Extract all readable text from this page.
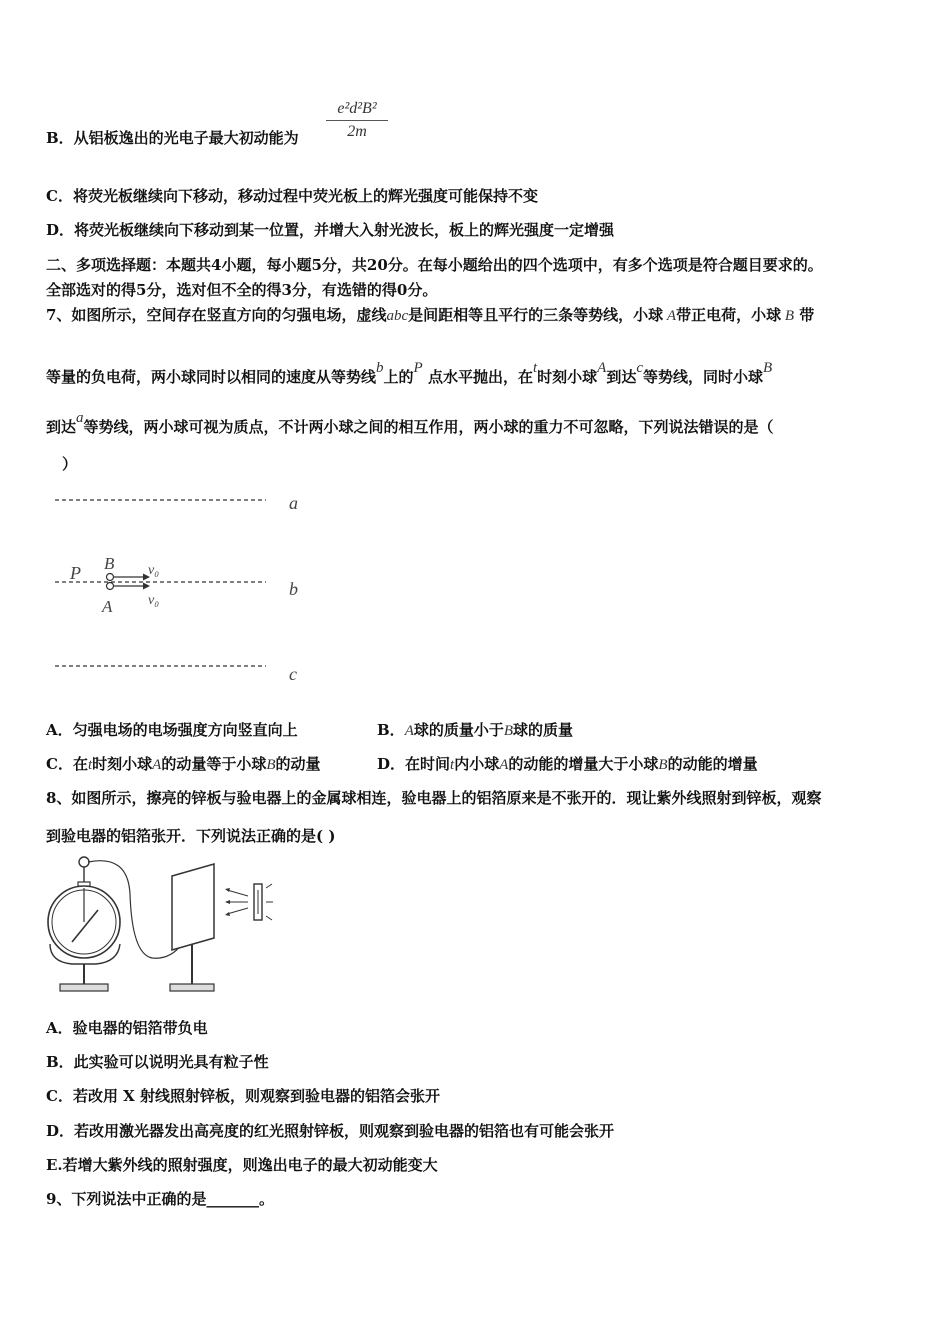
B．从铝板逸出的光电子最大初动能为 $\frac{\text{e²d²B²}}{2m}$
C．将荧光板继续向下移动，移动过程中荧光板上的辉光强度可能保持不变
D．将荧光板继续向下移动到某一位置，并增大入射光波长，板上的辉光强度一定增强
二、多项选择题：本题共4小题，每小题5分，共20分。在每小题给出的四个选项中，有多个选项是符合题目要求的。
全部选对的得5分，选对但不全的得3分，有选错的得0分。
7、如图所示，空间存在竖直方向的匀强电场，虚线abc是间距相等且平行的三条等势线，小球 A带正电荷，小球 B 带
等量的负电荷，两小球同时以相同的速度从等势线b上的P 点水平抛出，在t时刻小球A到达c等势线，同时小球B
到达a等势线，两小球可视为质点，不计两小球之间的相互作用，两小球的重力不可忽略，下列说法错误的是（
）
a
b
c
P B
A
v₀
v₀
A．匀强电场的电场强度方向竖直向上	B．A球的质量小于B球的质量
C．在t时刻小球A的动量等于小球B的动量	D．在时间t内小球A的动能的增量大于小球B的动能的增量
8、如图所示，擦亮的锌板与验电器上的金属球相连，验电器上的铝箔原来是不张开的．现让紫外线照射到锌板，观察
到验电器的铝箔张开．下列说法正确的是( )
A．验电器的铝箔带负电
B．此实验可以说明光具有粒子性
C．若改用 X 射线照射锌板，则观察到验电器的铝箔会张开
D．若改用激光器发出高亮度的红光照射锌板，则观察到验电器的铝箔也有可能会张开
E.若增大紫外线的照射强度，则逸出电子的最大初动能变大
9、下列说法中正确的是_______。
